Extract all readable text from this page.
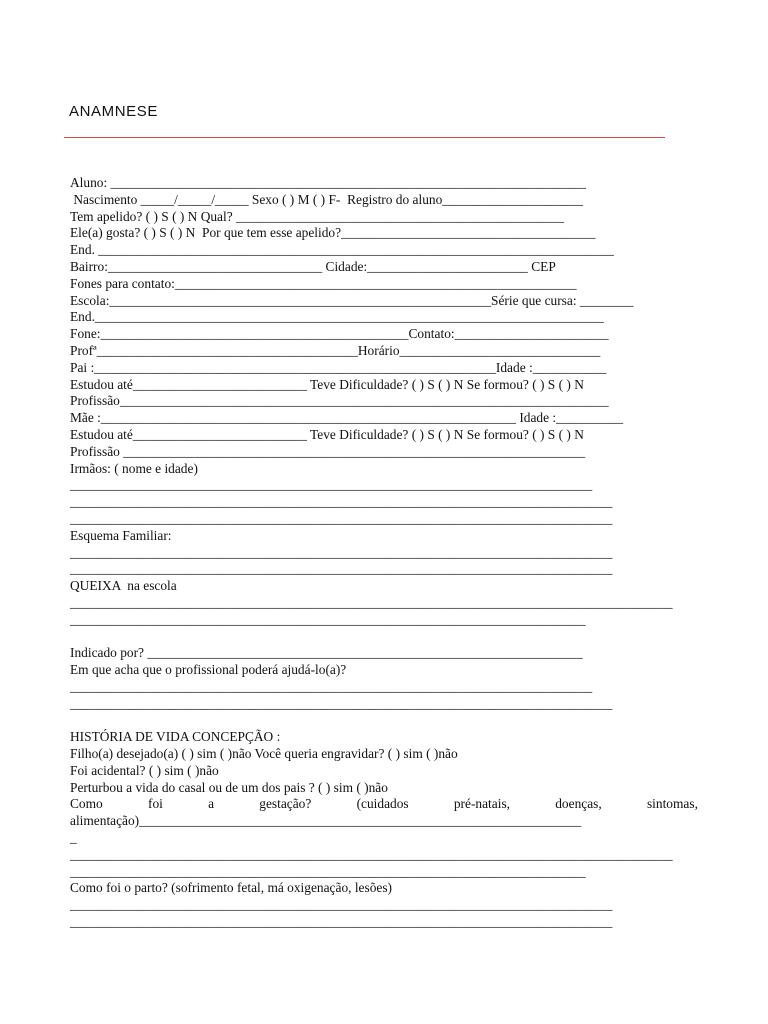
ANAMNESE
Aluno: _______________________________________________________________________
Nascimento _____/_____/_____ Sexo ( ) M ( ) F-  Registro do aluno_____________________
Tem apelido? ( ) S ( ) N Qual? _________________________________________________
Ele(a) gosta? ( ) S ( ) N  Por que tem esse apelido?______________________________________
End. _____________________________________________________________________________
Bairro:________________________________ Cidade:________________________ CEP
Fones para contato:____________________________________________________________
Escola:_________________________________________________________Série que cursa: ________
End.____________________________________________________________________________
Fone:______________________________________________Contato:_______________________
Profª_______________________________________Horário______________________________
Pai :____________________________________________________________Idade :___________
Estudou até__________________________ Teve Dificuldade? ( ) S ( ) N Se formou? ( ) S ( ) N
Profissão_________________________________________________________________________
Mãe :______________________________________________________________ Idade :__________
Estudou até__________________________ Teve Dificuldade? ( ) S ( ) N Se formou? ( ) S ( ) N
Profissão _____________________________________________________________________
Irmãos: ( nome e idade)
______________________________________________________________________________
_________________________________________________________________________________
_________________________________________________________________________________
Esquema Familiar:
_________________________________________________________________________________
_________________________________________________________________________________
QUEIXA  na escola
__________________________________________________________________________________________
_____________________________________________________________________________
Indicado por? _________________________________________________________________
Em que acha que o profissional poderá ajudá-lo(a)?
______________________________________________________________________________
_________________________________________________________________________________
HISTÓRIA DE VIDA CONCEPÇÃO :
Filho(a) desejado(a) ( ) sim ( )não Você queria engravidar? ( ) sim ( )não
Foi acidental? ( ) sim ( )não
Perturbou a vida do casal ou de um dos pais ? ( ) sim ( )não
Como	foi	a	gestação?	(cuidados	pré-natais,	doenças,	sintomas,
alimentação)__________________________________________________________________
_
__________________________________________________________________________________________
_____________________________________________________________________________
Como foi o parto? (sofrimento fetal, má oxigenação, lesões)
_________________________________________________________________________________
_________________________________________________________________________________
